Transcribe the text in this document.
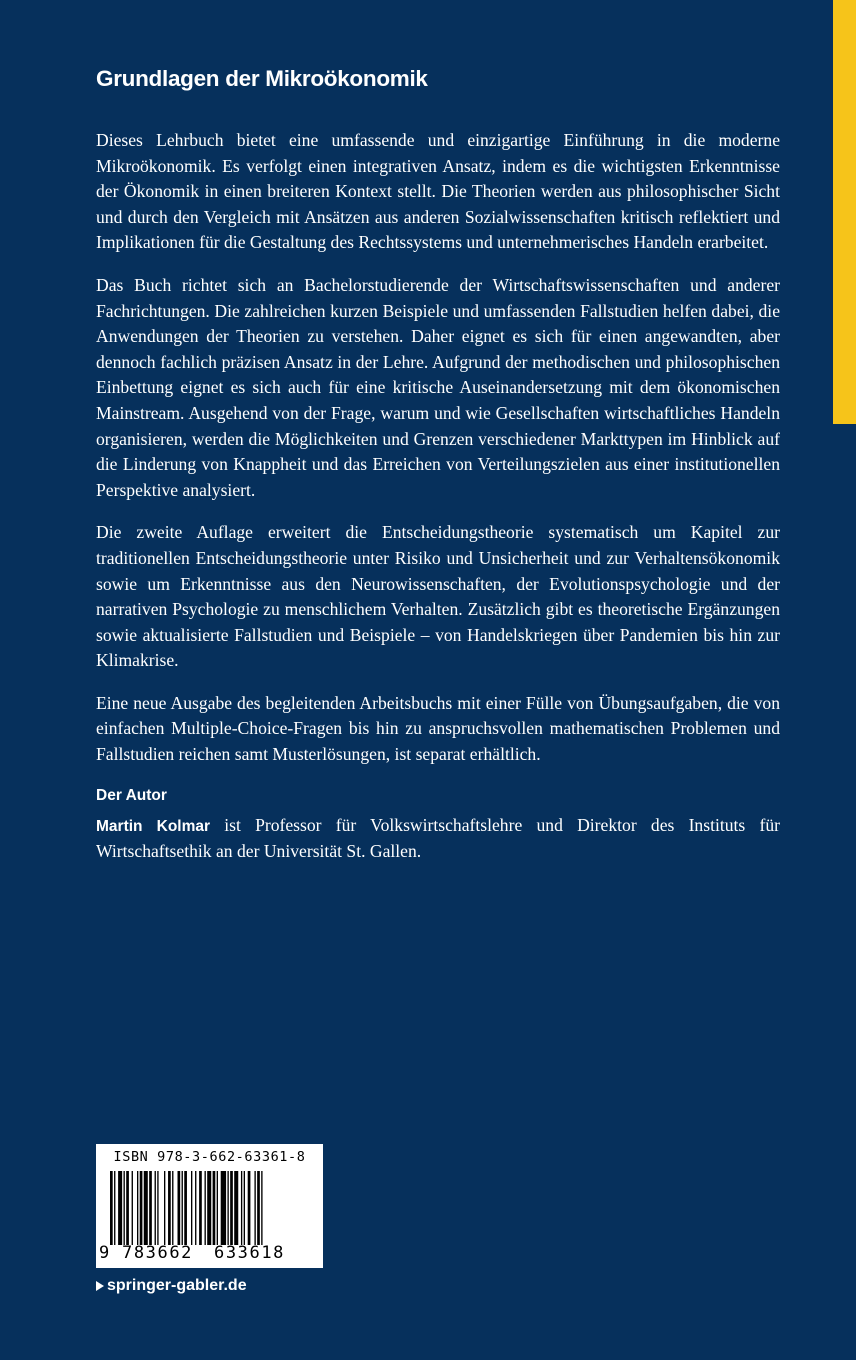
Grundlagen der Mikroökonomik

Dieses Lehrbuch bietet eine umfassende und einzigartige Einführung in die moderne Mikroökonomik. Es verfolgt einen integrativen Ansatz, indem es die wichtigsten Erkenntnisse der Ökonomik in einen breiteren Kontext stellt. Die Theorien werden aus philosophischer Sicht und durch den Vergleich mit Ansätzen aus anderen Sozialwissenschaften kritisch reflektiert und Implikationen für die Gestaltung des Rechtssystems und unternehmerisches Handeln erarbeitet.

Das Buch richtet sich an Bachelorstudierende der Wirtschaftswissenschaften und anderer Fachrichtungen. Die zahlreichen kurzen Beispiele und umfassenden Fallstudien helfen dabei, die Anwendungen der Theorien zu verstehen. Daher eignet es sich für einen angewandten, aber dennoch fachlich präzisen Ansatz in der Lehre. Aufgrund der methodischen und philosophischen Einbettung eignet es sich auch für eine kritische Auseinandersetzung mit dem ökonomischen Mainstream. Ausgehend von der Frage, warum und wie Gesellschaften wirtschaftliches Handeln organisieren, werden die Möglichkeiten und Grenzen verschiedener Markttypen im Hinblick auf die Linderung von Knappheit und das Erreichen von Verteilungszielen aus einer institutionellen Perspektive analysiert.

Die zweite Auflage erweitert die Entscheidungstheorie systematisch um Kapitel zur traditionellen Entscheidungstheorie unter Risiko und Unsicherheit und zur Verhaltensökonomik sowie um Erkenntnisse aus den Neurowissenschaften, der Evolutionspsychologie und der narrativen Psychologie zu menschlichem Verhalten. Zusätzlich gibt es theoretische Ergänzungen sowie aktualisierte Fallstudien und Beispiele – von Handelskriegen über Pandemien bis hin zur Klimakrise.

Eine neue Ausgabe des begleitenden Arbeitsbuchs mit einer Fülle von Übungsaufgaben, die von einfachen Multiple-Choice-Fragen bis hin zu anspruchsvollen mathematischen Problemen und Fallstudien reichen samt Musterlösungen, ist separat erhältlich.

Der Autor

Martin Kolmar ist Professor für Volkswirtschaftslehre und Direktor des Instituts für Wirtschaftsethik an der Universität St. Gallen.

ISBN 978-3-662-63361-8
9 783662 633618
springer-gabler.de
